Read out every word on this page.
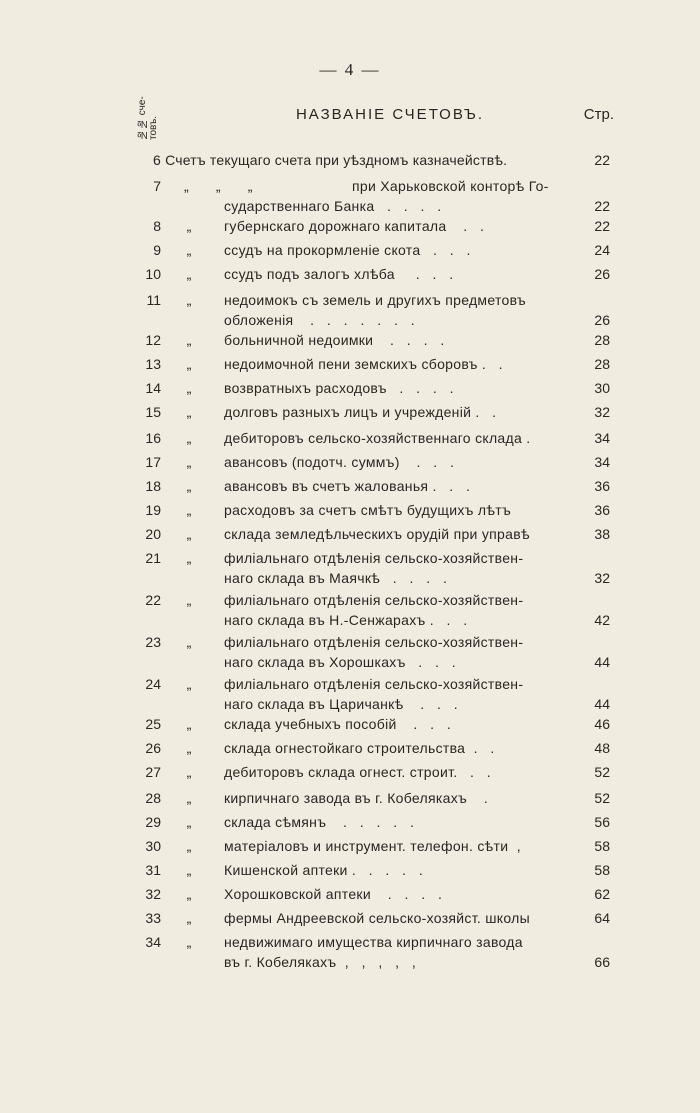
— 4 —
№№ сче- товъ.
НАЗВАНІЕ СЧЕТОВЪ.	Стр.
6 Счетъ текущаго счета при уѣздномъ казначействѣ.	22
7 „       „       „	при Харьковской конторѣ Го-
сударственнаго Банка   .   .   .   .	22
8 „ губернскаго дорожнаго капитала    .   .	22
9 „ ссудъ на прокормленіе скота   .   .   .	24
10 „ ссудъ подъ залогъ хлѣба     .   .   .	26
11 „ недоимокъ съ земель и другихъ предметовъ
обложенія    .   .   .   .   .   .   .	26
12 „ больничной недоимки    .   .   .   .	28
13 „ недоимочной пени земскихъ сборовъ .   .	28
14 „ возвратныхъ расходовъ   .   .   .   .	30
15 „ долговъ разныхъ лицъ и учрежденій .   .	32
16 „ дебиторовъ сельско-хозяйственнаго склада .	34
17 „ авансовъ (подотч. суммъ)    .   .   .	34
18 „ авансовъ въ счетъ жалованья .   .   .	36
19 „ расходовъ за счетъ смѣтъ будущихъ лѣтъ	36
20 „ склада земледѣльческихъ орудій при управѣ	38
21 „ филіальнаго отдѣленія сельско-хозяйствен-
наго склада въ Маячкѣ   .   .   .   .	32
22 „ филіальнаго отдѣленія сельско-хозяйствен-
наго склада въ Н.-Сенжарахъ .   .   .	42
23 „ филіальнаго отдѣленія сельско-хозяйствен-
наго склада въ Хорошкахъ   .   .   .	44
24 „ филіальнаго отдѣленія сельско-хозяйствен-
наго склада въ Царичанкѣ    .   .   .	44
25 „ склада учебныхъ пособій    .   .   .	46
26 „ склада огнестойкаго строительства  .   .	48
27 „ дебиторовъ склада огнест. строит.   .   .	52
28 „ кирпичнаго завода въ г. Кобелякахъ    .	52
29 „ склада сѣмянъ    .   .   .   .   .	56
30 „ матеріаловъ и инструмент. телефон. сѣти  ,	58
31 „ Кишенской аптеки .   .   .   .   .	58
32 „ Хорошковской аптеки    .   .   .   .	62
33 „ фермы Андреевской сельско-хозяйст. школы	64
34 „ недвижимаго имущества кирпичнаго завода
въ г. Кобелякахъ  ,   ,   ,   ,   ,	66
